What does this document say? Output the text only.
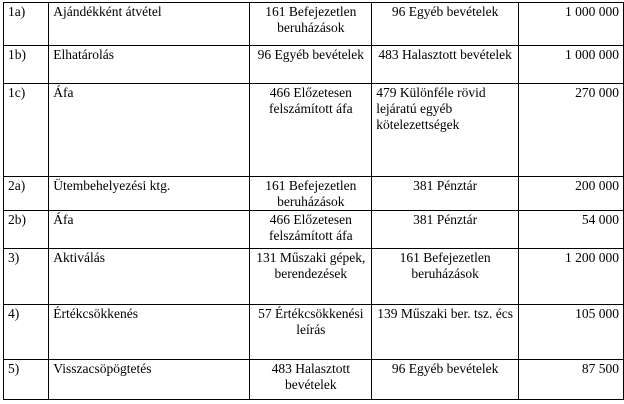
1a)	Ajándékként átvétel	161 Befejezetlen beruházások	96 Egyéb bevételek	1 000 000
1b)	Elhatárolás	96 Egyéb bevételek	483 Halasztott bevételek	1 000 000
1c)	Áfa	466 Előzetesen felszámított áfa	479 Különféle rövid lejáratú egyéb kötelezettségek	270 000
2a)	Ütembehelyezési ktg.	161 Befejezetlen beruházások	381 Pénztár	200 000
2b)	Áfa	466 Előzetesen felszámított áfa	381 Pénztár	54 000
3)	Aktiválás	131 Műszaki gépek, berendezések	161 Befejezetlen beruházások	1 200 000
4)	Értékcsökkenés	57 Értékcsökkenési leírás	139 Műszaki ber. tsz. écs	105 000
5)	Visszacsöpögtetés	483 Halasztott bevételek	96 Egyéb bevételek	87 500
